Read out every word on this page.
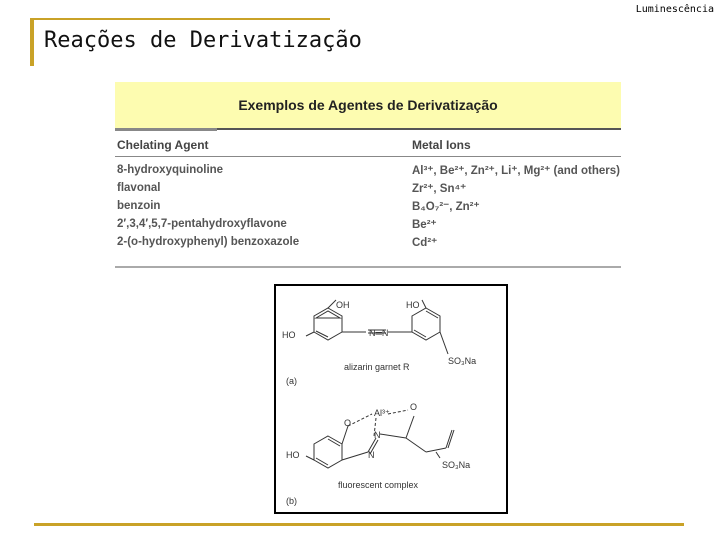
Luminescência
Reações de Derivatização
Exemplos de Agentes de Derivatização
Chelating Agent	Metal Ions
8-hydroxyquinoline	Al³⁺, Be²⁺, Zn²⁺, Li⁺, Mg²⁺ (and others)
flavonal	Zr²⁺, Sn⁴⁺
benzoin	B₄O₇²⁻, Zn²⁺
2′,3,4′,5,7-pentahydroxyflavone	Be²⁺
2-(o-hydroxyphenyl) benzoxazole	Cd²⁺
OH	HO
HO	N═N
SO₃Na
alizarin garnet R
(a)
Al³⁺
O
O
N
N
HO
SO₃Na
fluorescent complex
(b)
